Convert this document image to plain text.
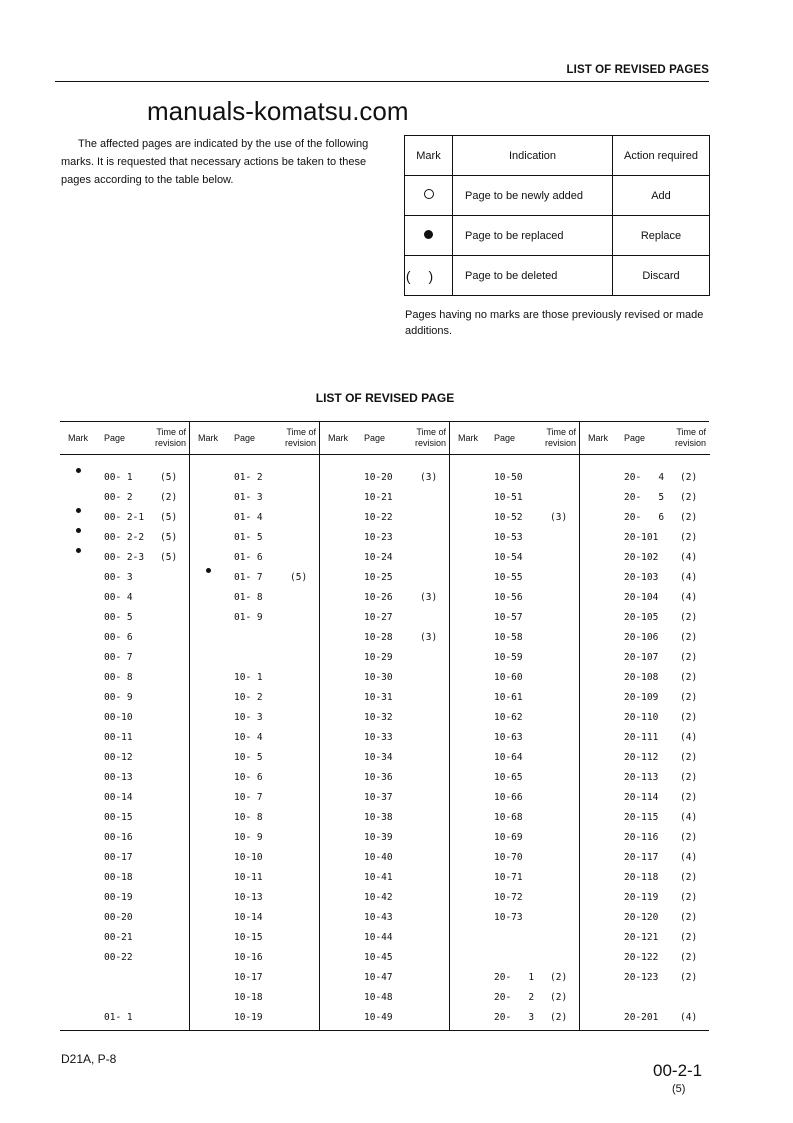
LIST OF REVISED PAGES
manuals-komatsu.com

The affected pages are indicated by the use of the following marks. It is requested that necessary actions be taken to these pages according to the table below.

Mark	Indication	Action required
	Page to be newly added	Add
	Page to be replaced	Replace
()	Page to be deleted	Discard
Pages having no marks are those previously revised or made additions.
LIST OF REVISED PAGE
Mark Page
Time of
revision
00- 1	(5)
00- 2	(2)
00- 2-1 (5)
00- 2-2 (5)
00- 2-3 (5)
00- 3
00- 4
00- 5
00- 6
00- 7
00- 8
00- 9
00-10
00-11
00-12
00-13
00-14
00-15
00-16
00-17
00-18
00-19
00-20
00-21
00-22
01- 1
Mark Page
Time of
revision
01- 2
01- 3
01- 4
01- 5
01- 6
01- 7	(5)
01- 8
01- 9
10- 1
10- 2
10- 3
10- 4
10- 5
10- 6
10- 7
10- 8
10- 9
10-10
10-11
10-13
10-14
10-15
10-16
10-17
10-18
10-19
Mark Page
Time of
revision
10-20	(3)
10-21
10-22
10-23
10-24
10-25
10-26	(3)
10-27
10-28	(3)
10-29
10-30
10-31
10-32
10-33
10-34
10-36
10-37
10-38
10-39
10-40
10-41
10-42
10-43
10-44
10-45
10-47
10-48
10-49
Mark Page
Time of
revision
10-50
10-51
10-52	(3)
10-53
10-54
10-55
10-56
10-57
10-58
10-59
10-60
10-61
10-62
10-63
10-64
10-65
10-66
10-68
10-69
10-70
10-71
10-72
10-73
20-   1 (2)
20-   2 (2)
20-   3 (2)
Mark Page
Time of
revision
20-   4 (2)
20-   5 (2)
20-   6 (2)
20-101 (2)
20-102 (4)
20-103 (4)
20-104 (4)
20-105 (2)
20-106 (2)
20-107 (2)
20-108 (2)
20-109 (2)
20-110 (2)
20-111 (4)
20-112 (2)
20-113 (2)
20-114 (2)
20-115 (4)
20-116 (2)
20-117 (4)
20-118 (2)
20-119 (2)
20-120 (2)
20-121 (2)
20-122 (2)
20-123 (2)
20-201 (4)
D21A, P-8
00-2-1
(5)
